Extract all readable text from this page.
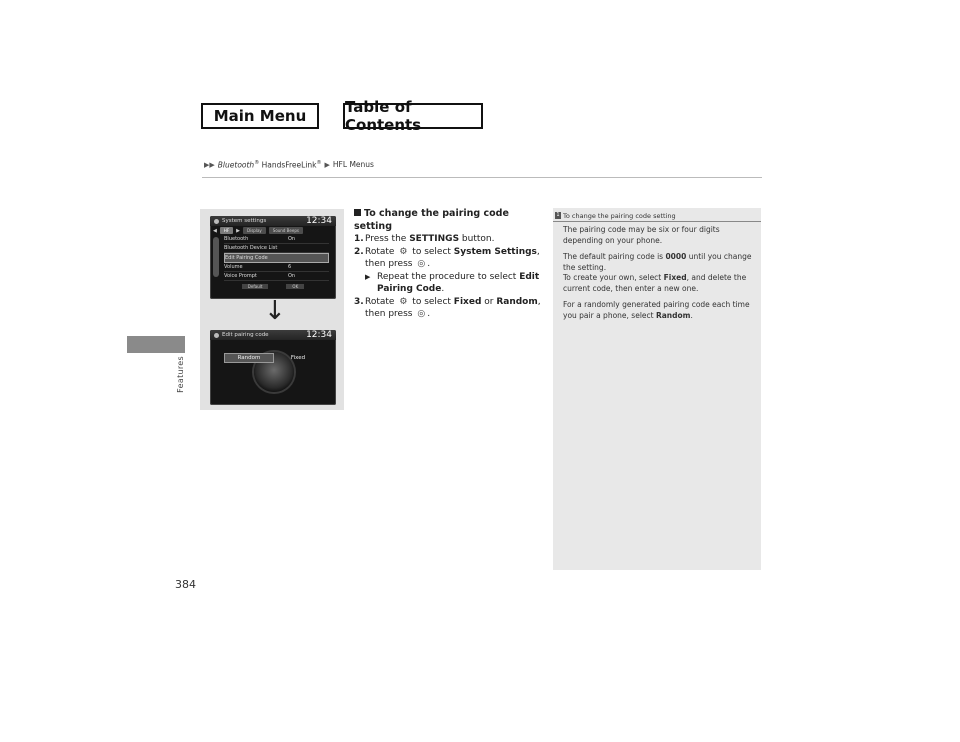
Main Menu	Table of Contents
▶▶ Bluetooth® HandsFreeLink® ▶ HFL Menus
Features
384
System settings	12:34
◀	HF	▶	Display	Sound Beeps
Bluetooth	On
Bluetooth Device List
Edit Pairing Code
Volume	6
Voice Prompt	On
Default	OK
↓
Edit pairing code	12:34
Random	Fixed
To change the pairing code setting
1. Press the SETTINGS button.
2. Rotate ⚙ to select System Settings, then press ◎ .
▶ Repeat the procedure to select Edit Pairing Code.
3. Rotate ⚙ to select Fixed or Random, then press ◎ .
1 To change the pairing code setting

The pairing code may be six or four digits depending on your phone.

The default pairing code is 0000 until you change the setting.
To create your own, select Fixed, and delete the current code, then enter a new one.

For a randomly generated pairing code each time you pair a phone, select Random.
